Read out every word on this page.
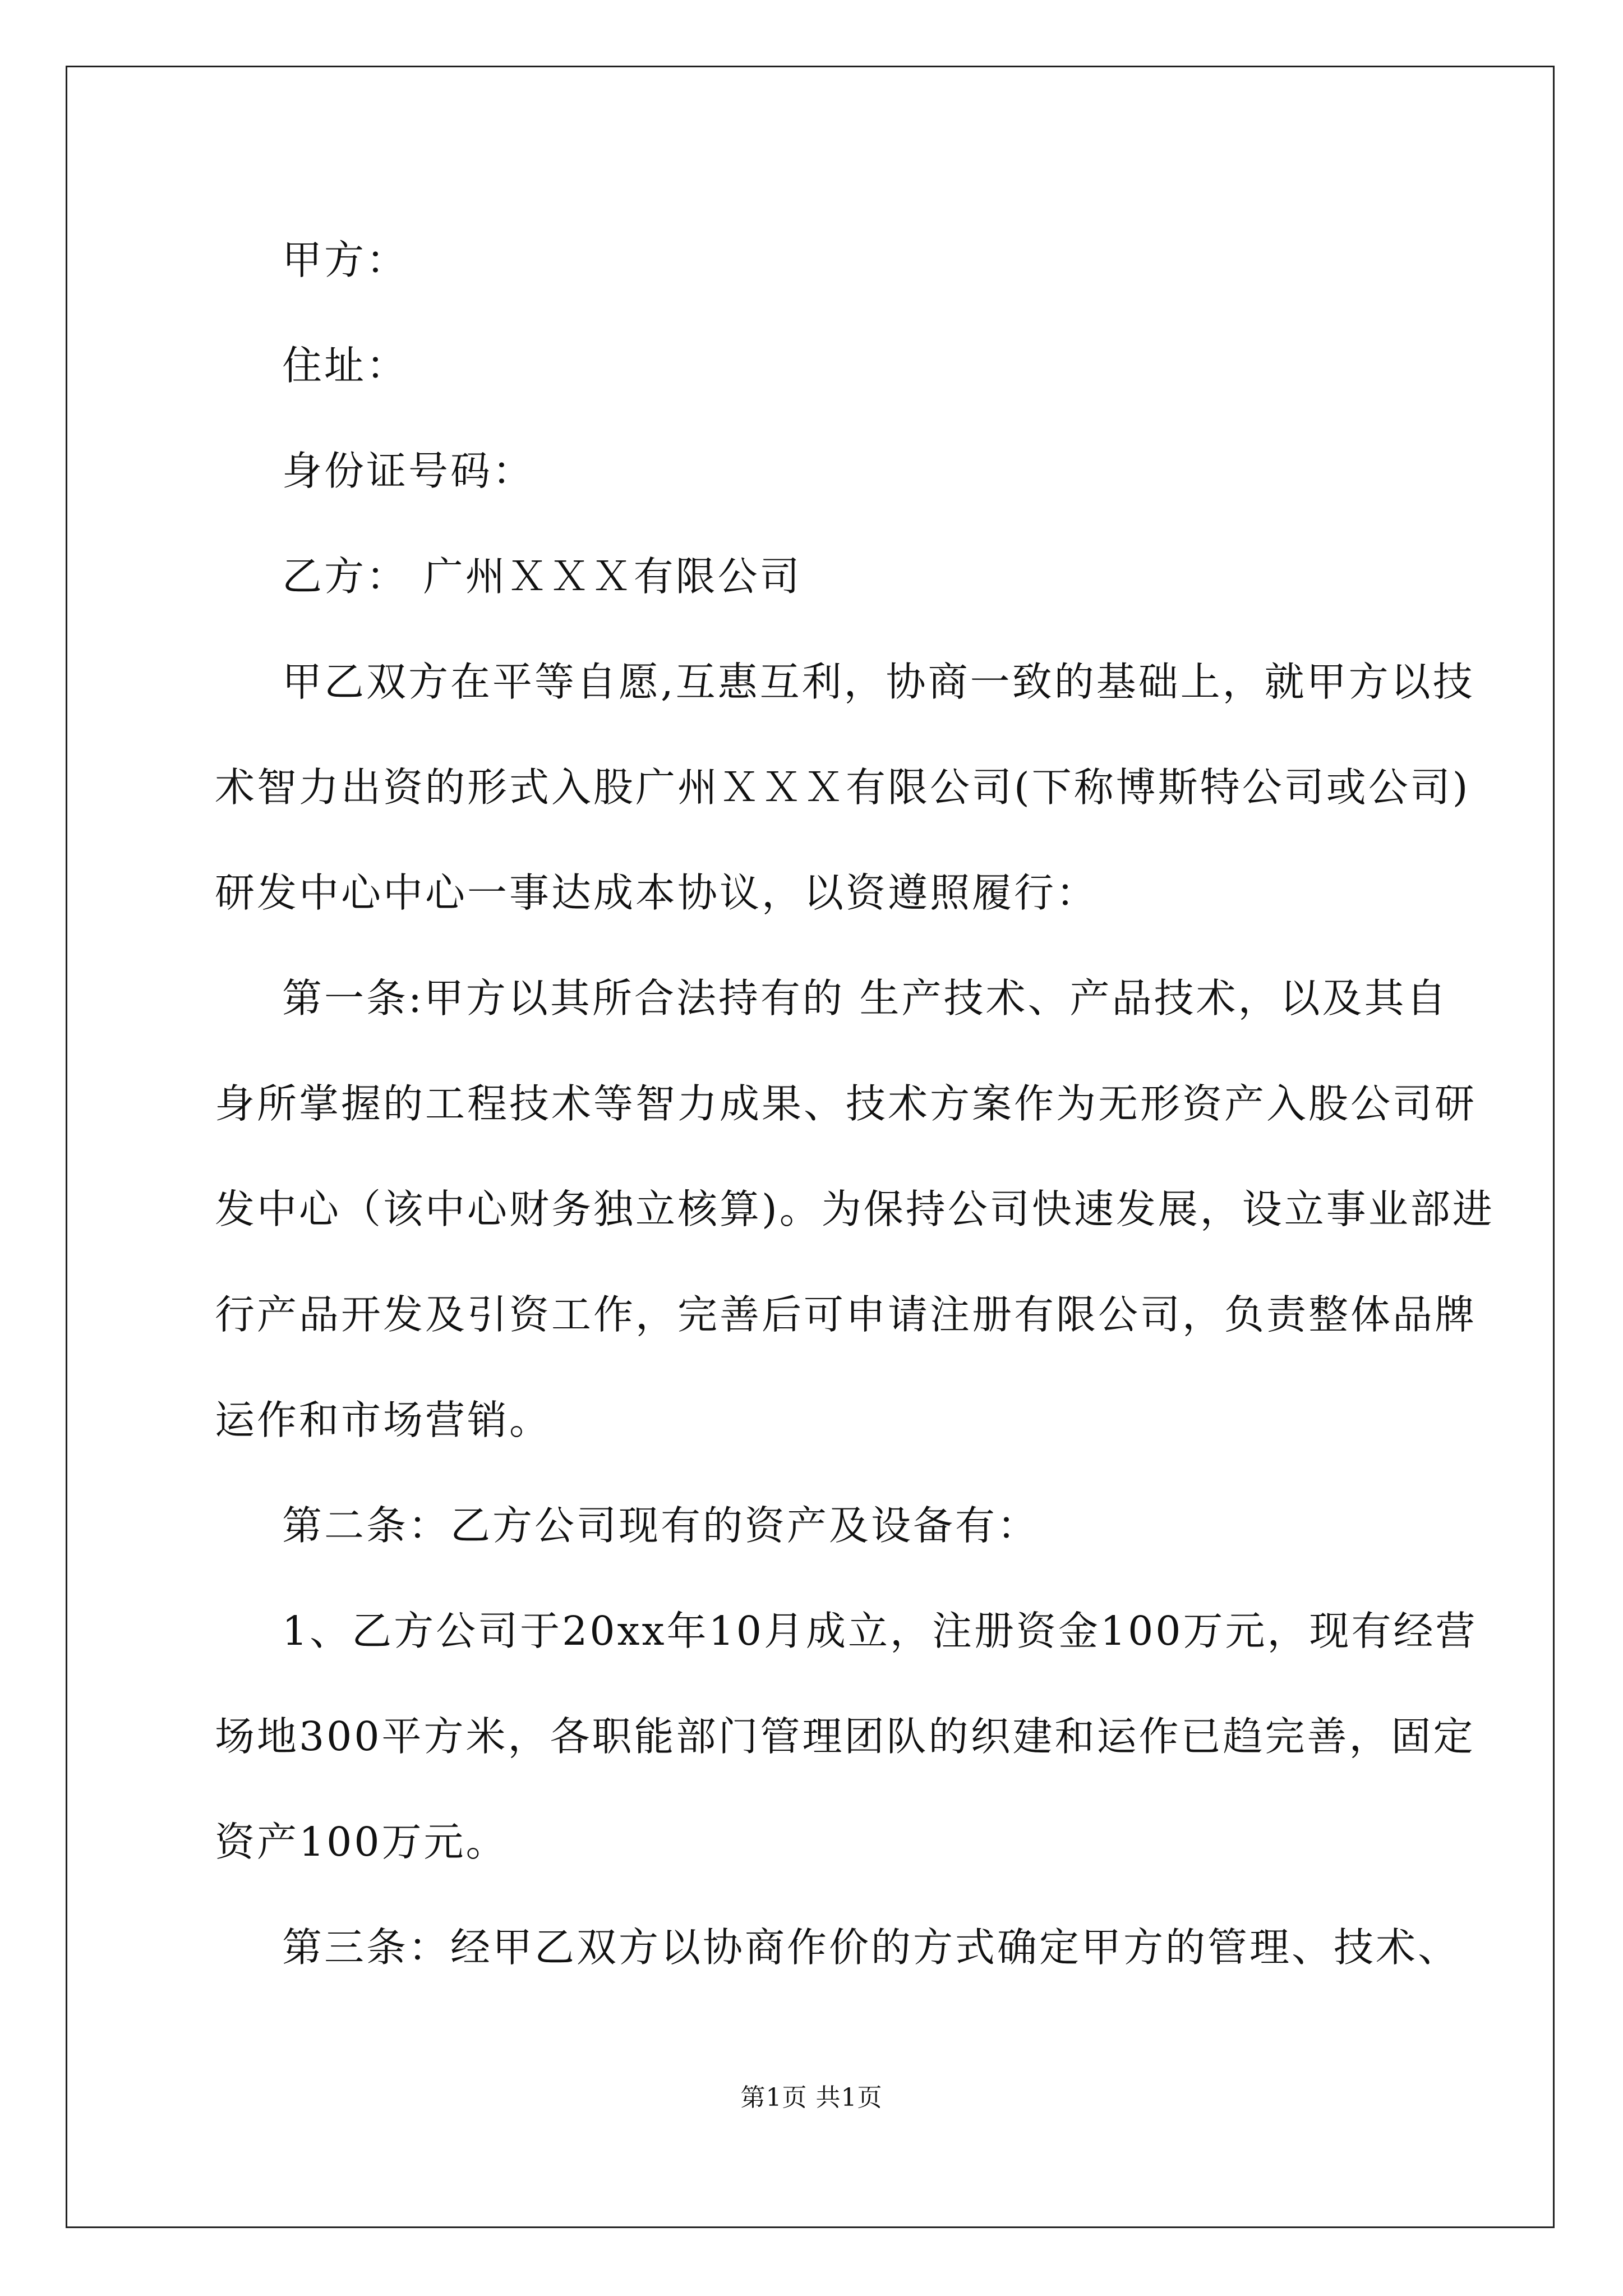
甲方：
住址：
身份证号码：
乙方： 广州ＸＸＸ有限公司
甲乙双方在平等自愿,互惠互利，协商一致的基础上，就甲方以技
术智力出资的形式入股广州ＸＸＸ有限公司(下称博斯特公司或公司)
研发中心中心一事达成本协议，以资遵照履行：
第一条:甲方以其所合法持有的 生产技术、产品技术，以及其自
身所掌握的工程技术等智力成果、技术方案作为无形资产入股公司研
发中心（该中心财务独立核算)。为保持公司快速发展，设立事业部进
行产品开发及引资工作，完善后可申请注册有限公司，负责整体品牌
运作和市场营销。
第二条：乙方公司现有的资产及设备有：
1、乙方公司于20xx年10月成立，注册资金100万元，现有经营
场地300平方米，各职能部门管理团队的织建和运作已趋完善，固定
资产100万元。
第三条：经甲乙双方以协商作价的方式确定甲方的管理、技术、
第1页 共1页
